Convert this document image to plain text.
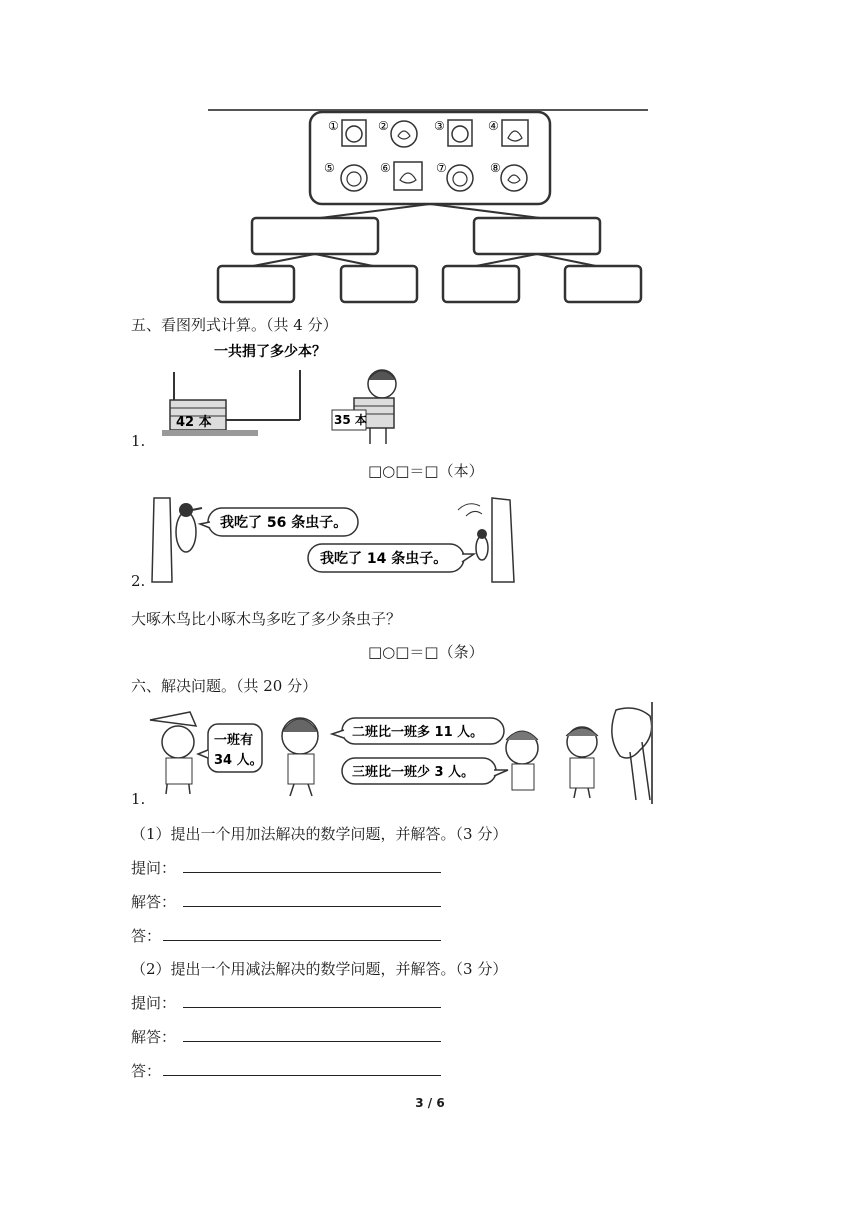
①	②	③	④
⑤	⑥	⑦	⑧
五、看图列式计算。（共 4 分）
一共捐了多少本？
42 本	35 本
1.
□○□＝□（本）
我吃了 56 条虫子。
我吃了 14 条虫子。
2.
大啄木鸟比小啄木鸟多吃了多少条虫子？
□○□＝□（条）
六、解决问题。（共 20 分）
一班有
34 人。
二班比一班多 11 人。
三班比一班少 3 人。
1.
（1）提出一个用加法解决的数学问题，并解答。（3 分）
提问：
解答：
答：
（2）提出一个用减法解决的数学问题，并解答。（3 分）
提问：
解答：
答：
3 / 6
